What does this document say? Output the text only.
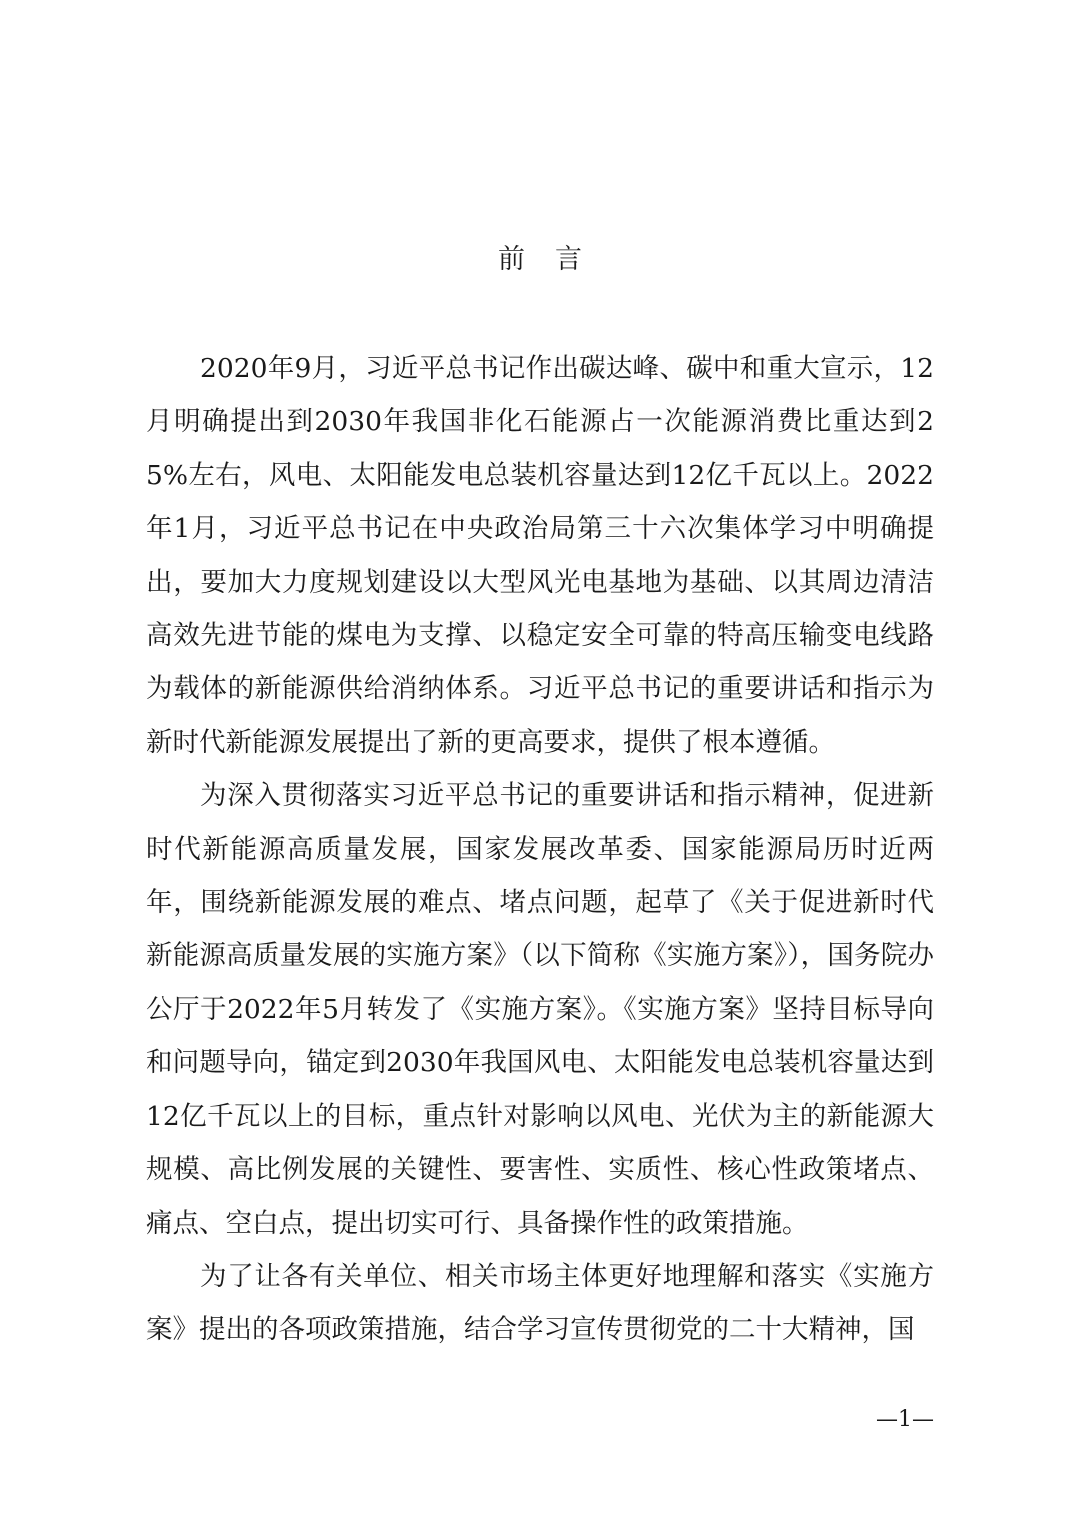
前言

2020年9月，习近平总书记作出碳达峰、碳中和重大宣示，12月明确提出到2030年我国非化石能源占一次能源消费比重达到25%左右，风电、太阳能发电总装机容量达到12亿千瓦以上。2022年1月，习近平总书记在中央政治局第三十六次集体学习中明确提出，要加大力度规划建设以大型风光电基地为基础、以其周边清洁高效先进节能的煤电为支撑、以稳定安全可靠的特高压输变电线路为载体的新能源供给消纳体系。习近平总书记的重要讲话和指示为新时代新能源发展提出了新的更高要求，提供了根本遵循。

为深入贯彻落实习近平总书记的重要讲话和指示精神，促进新时代新能源高质量发展，国家发展改革委、国家能源局历时近两年，围绕新能源发展的难点、堵点问题，起草了《关于促进新时代新能源高质量发展的实施方案》（以下简称《实施方案》），国务院办公厅于2022年5月转发了《实施方案》。《实施方案》坚持目标导向和问题导向，锚定到2030年我国风电、太阳能发电总装机容量达到12亿千瓦以上的目标，重点针对影响以风电、光伏为主的新能源大规模、高比例发展的关键性、要害性、实质性、核心性政策堵点、痛点、空白点，提出切实可行、具备操作性的政策措施。

为了让各有关单位、相关市场主体更好地理解和落实《实施方案》提出的各项政策措施，结合学习宣传贯彻党的二十大精神，国

—1—
